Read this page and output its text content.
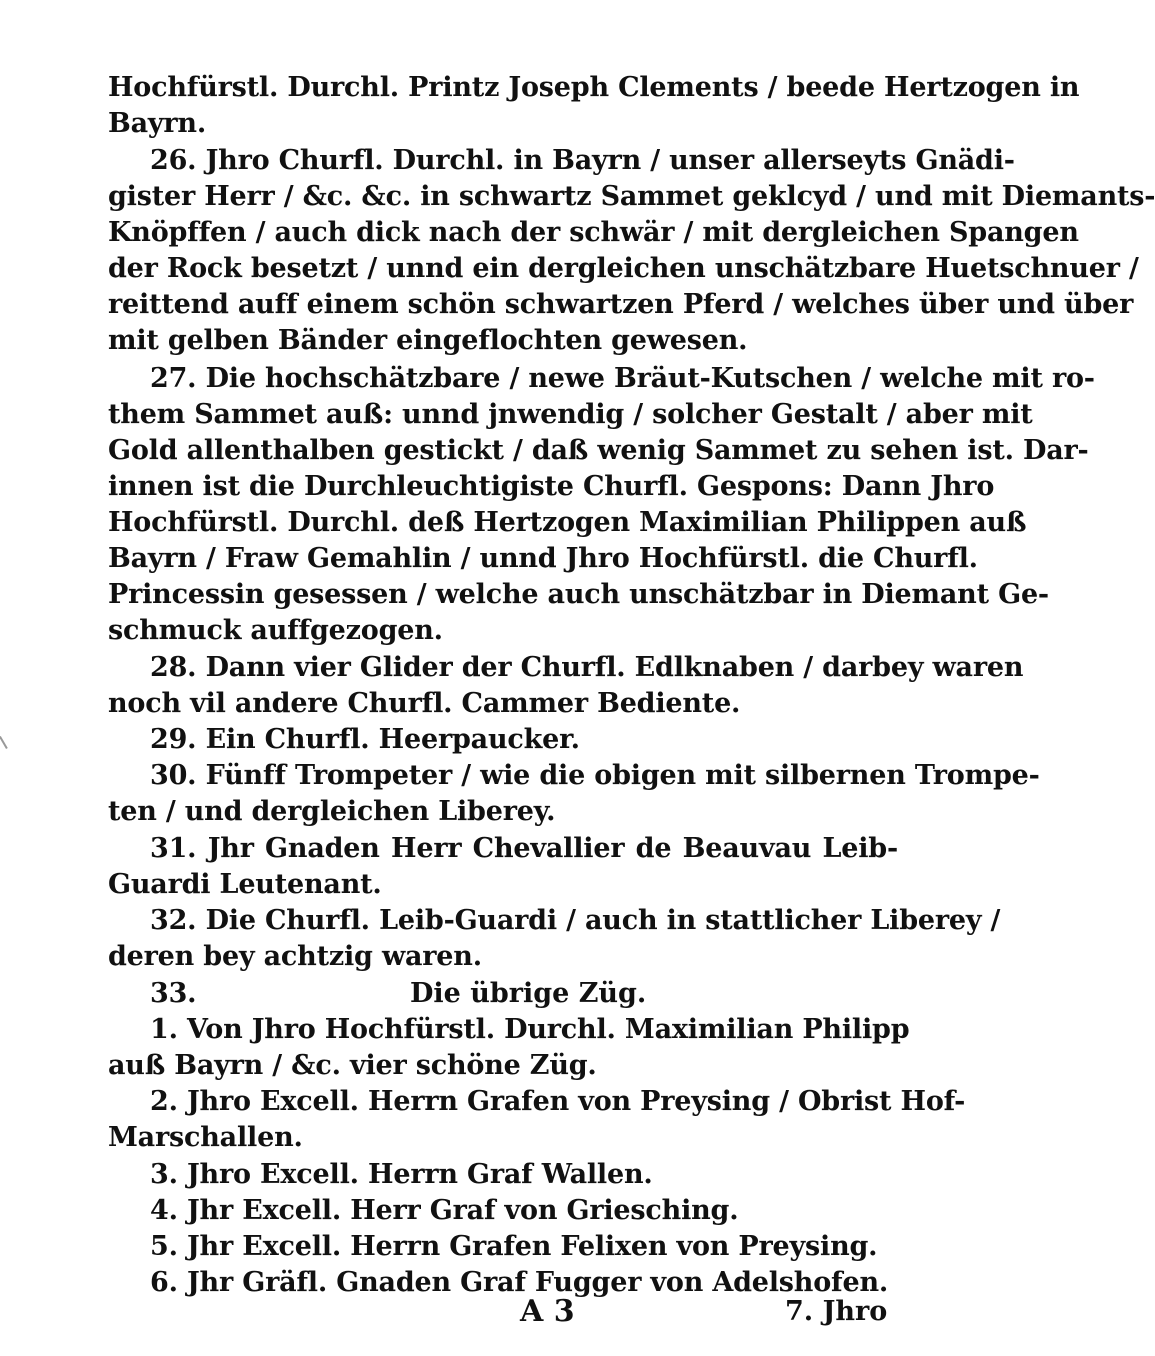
Hochfürstl. Durchl. Printz Joseph Clements / beede Hertzogen in
Bayrn.
26. Jhro Churfl. Durchl. in Bayrn / unser allerseyts Gnädi-
gister Herr / &c. &c. in schwartz Sammet geklcyd / und mit Diemants-
Knöpffen / auch dick nach der schwär / mit dergleichen Spangen
der Rock besetzt / unnd ein dergleichen unschätzbare Huetschnuer /
reittend auff einem schön schwartzen Pferd / welches über und über
mit gelben Bänder eingeflochten gewesen.
27. Die hochschätzbare / newe Bräut-Kutschen / welche mit ro-
them Sammet auß: unnd jnwendig / solcher Gestalt / aber mit
Gold allenthalben gestickt / daß wenig Sammet zu sehen ist. Dar-
innen ist die Durchleuchtigiste Churfl. Gespons: Dann Jhro
Hochfürstl. Durchl. deß Hertzogen Maximilian Philippen auß
Bayrn / Fraw Gemahlin / unnd Jhro Hochfürstl. die Churfl.
Princessin gesessen / welche auch unschätzbar in Diemant Ge-
schmuck auffgezogen.
28. Dann vier Glider der Churfl. Edlknaben / darbey waren
noch vil andere Churfl. Cammer Bediente.
29. Ein Churfl. Heerpaucker.
30. Fünff Trompeter / wie die obigen mit silbernen Trompe-
ten / und dergleichen Liberey.
31. Jhr Gnaden Herr Chevallier de Beauvau Leib-
Guardi Leutenant.
32. Die Churfl. Leib-Guardi / auch in stattlicher Liberey /
deren bey achtzig waren.
33.	Die übrige Züg.
1. Von Jhro Hochfürstl. Durchl. Maximilian Philipp
auß Bayrn / &c. vier schöne Züg.
2. Jhro Excell. Herrn Grafen von Preysing / Obrist Hof-
Marschallen.
3. Jhro Excell. Herrn Graf Wallen.
4. Jhr Excell. Herr Graf von Griesching.
5. Jhr Excell. Herrn Grafen Felixen von Preysing.
6. Jhr Gräfl. Gnaden Graf Fugger von Adelshofen.
A 3	7. Jhro
